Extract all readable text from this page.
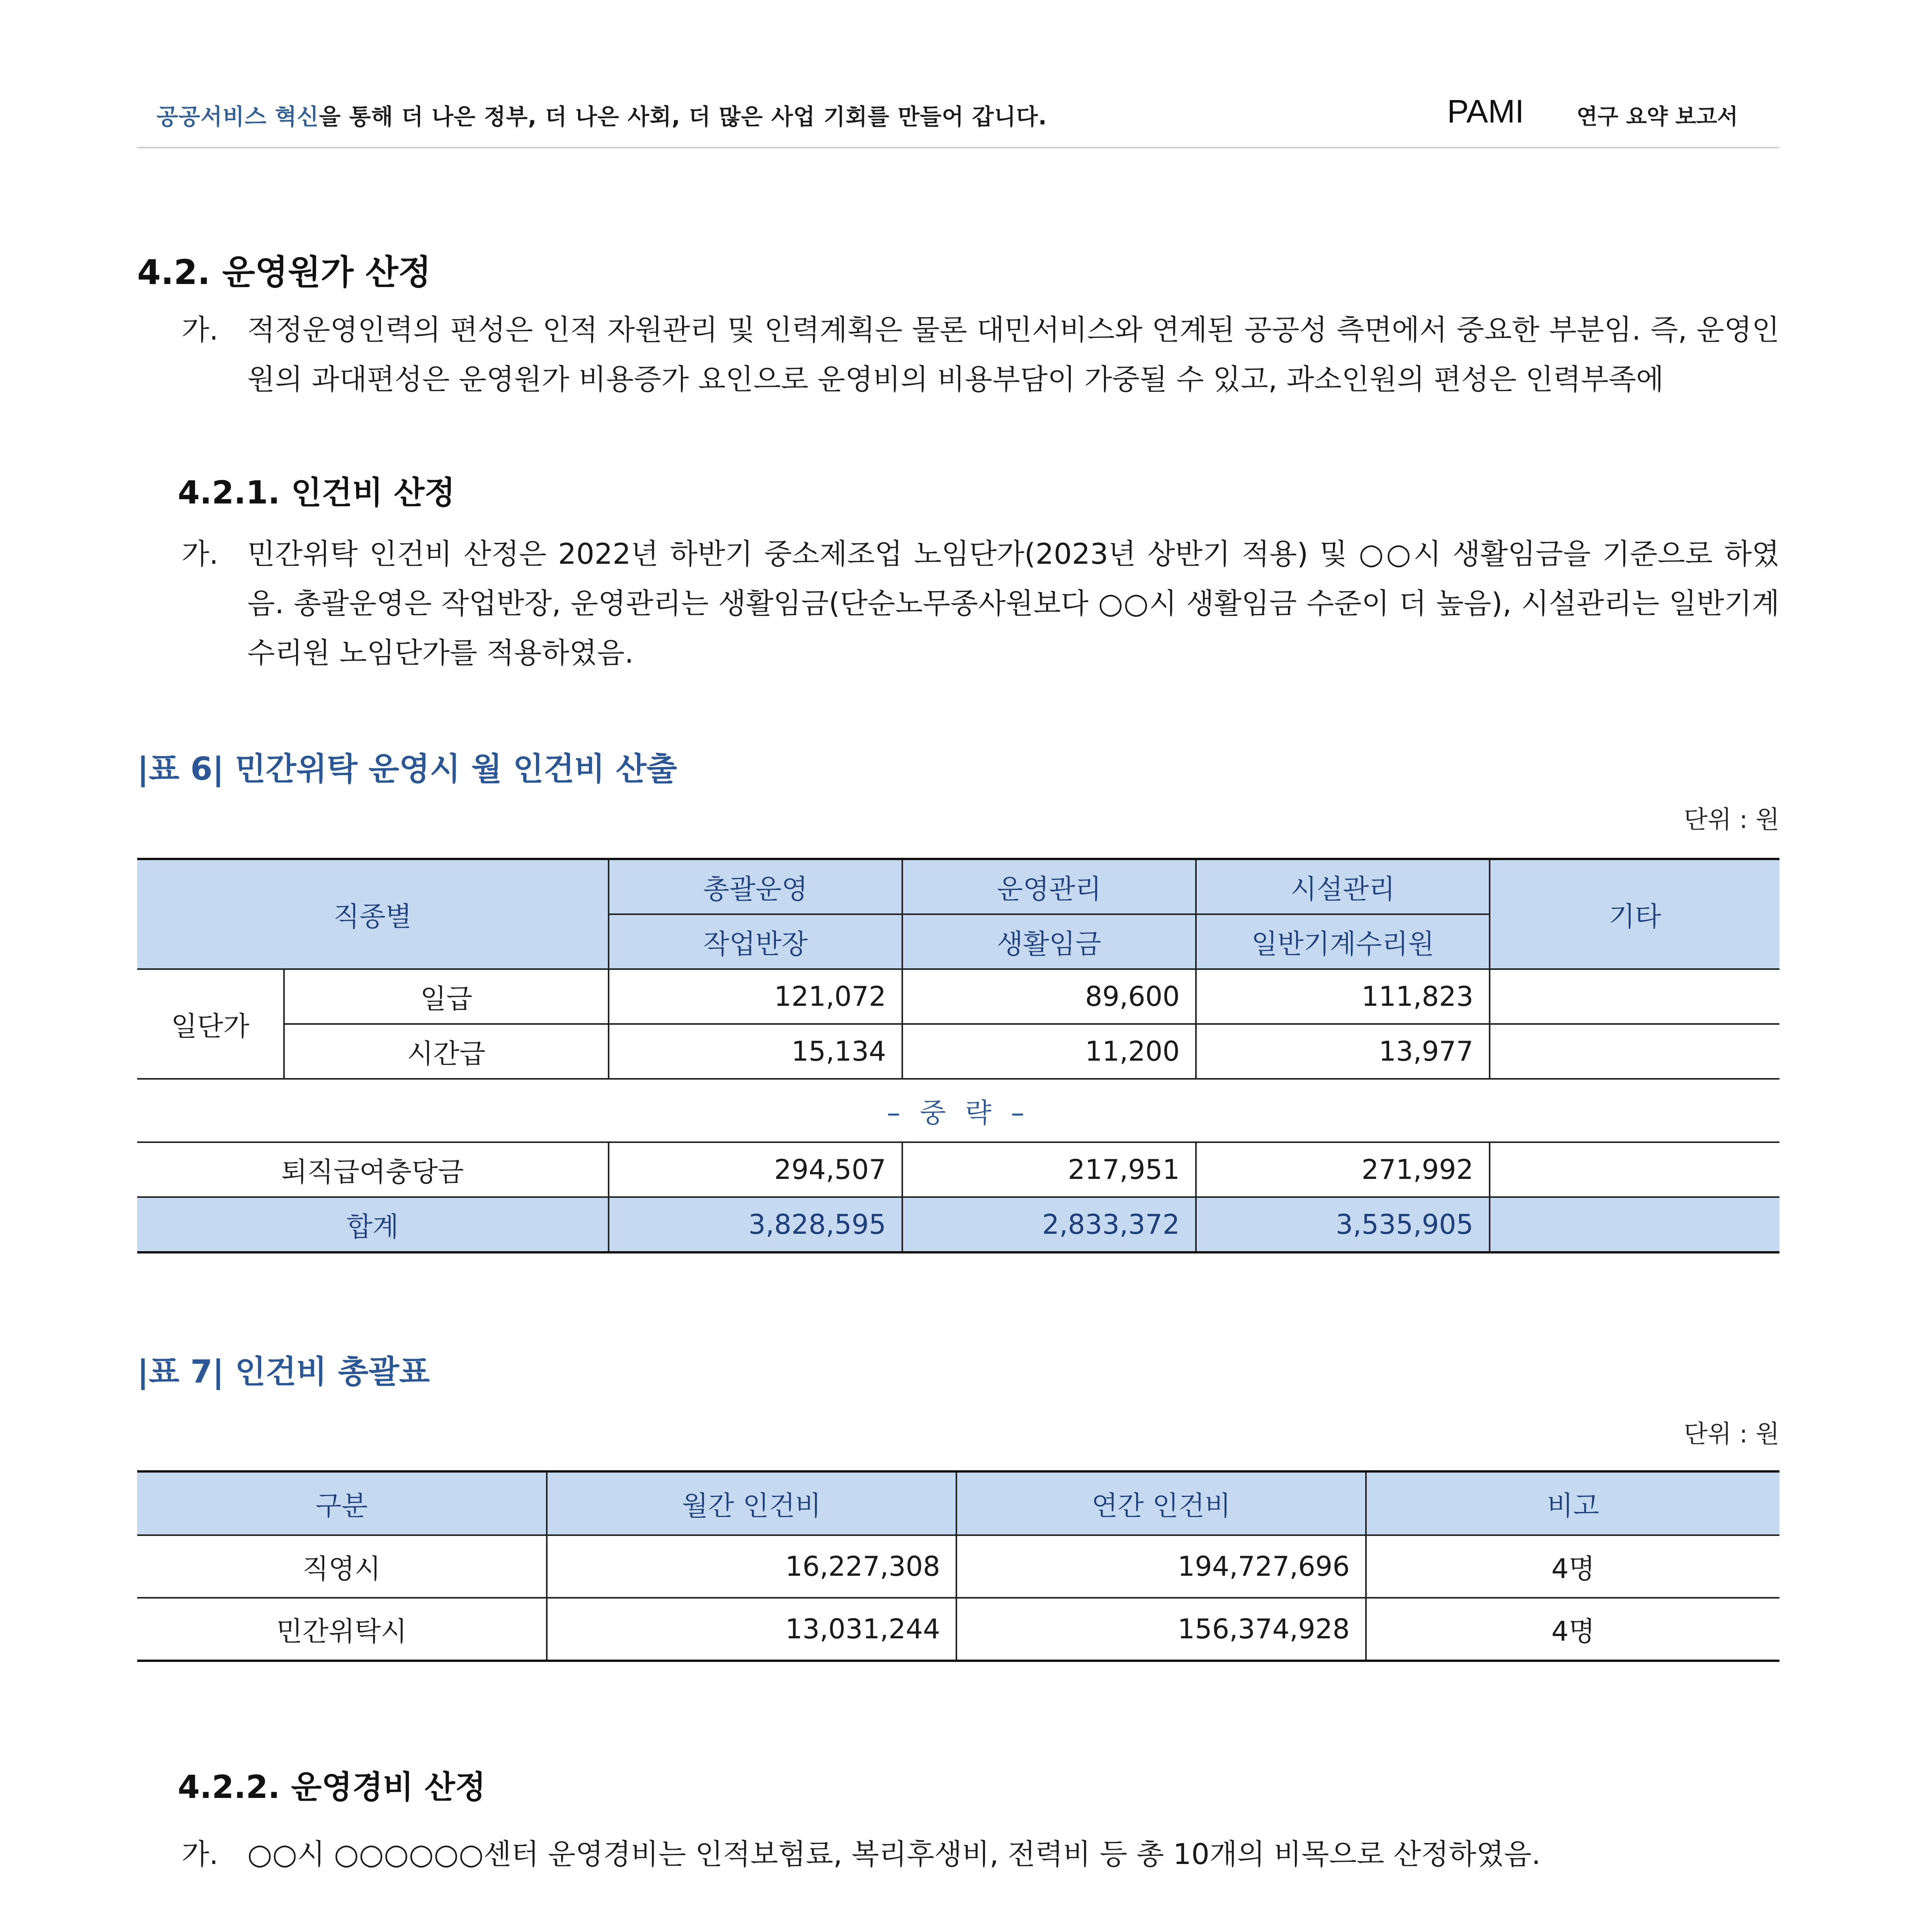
공공서비스 혁신을 통해 더 나은 정부, 더 나은 사회, 더 많은 사업 기회를 만들어 갑니다.	PAMI 연구 요약 보고서
4.2. 운영원가 산정
가.	적정운영인력의 편성은 인적 자원관리 및 인력계획은 물론 대민서비스와 연계된 공공성 측면에서 중요한 부분임. 즉, 운영인원의 과대편성은 운영원가 비용증가 요인으로 운영비의 비용부담이 가중될 수 있고, 과소인원의 편성은 인력부족에
4.2.1. 인건비 산정
가.	민간위탁 인건비 산정은 2022년 하반기 중소제조업 노임단가(2023년 상반기 적용) 및 ○○시 생활임금을 기준으로 하였음. 총괄운영은 작업반장, 운영관리는 생활임금(단순노무종사원보다 ○○시 생활임금 수준이 더 높음), 시설관리는 일반기계수리원 노임단가를 적용하였음.
|표 6| 민간위탁 운영시 월 인건비 산출
단위 : 원
직종별		총괄운영	운영관리	시설관리	기타
		작업반장	생활임금	일반기계수리원	
일단가	일급	121,072	89,600	111,823	
	시간급	15,134	11,200	13,977	
– 중 략 –					
퇴직급여충당금		294,507	217,951	271,992	
합계		3,828,595	2,833,372	3,535,905	
|표 7| 인건비 총괄표
단위 : 원
구분	월간 인건비	연간 인건비	비고
직영시	16,227,308	194,727,696	4명
민간위탁시	13,031,244	156,374,928	4명
4.2.2. 운영경비 산정
가.	○○시 ○○○○○○센터 운영경비는 인적보험료, 복리후생비, 전력비 등 총 10개의 비목으로 산정하였음.
